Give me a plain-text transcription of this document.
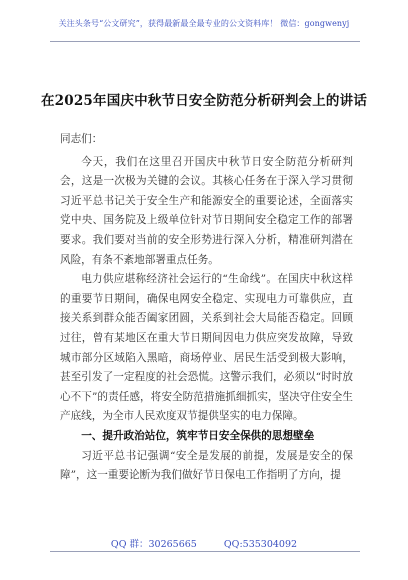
关注头条号“公文研究”，获得最新最全最专业的公文资料库！ 微信：gongwenyj
在2025年国庆中秋节日安全防范分析研判会上的讲话

同志们：

今天，我们在这里召开国庆中秋节日安全防范分析研判会，这是一次极为关键的会议。其核心任务在于深入学习贯彻习近平总书记关于安全生产和能源安全的重要论述，全面落实党中央、国务院及上级单位针对节日期间安全稳定工作的部署要求。我们要对当前的安全形势进行深入分析，精准研判潜在风险，有条不紊地部署重点任务。

电力供应堪称经济社会运行的“生命线”。在国庆中秋这样的重要节日期间，确保电网安全稳定、实现电力可靠供应，直接关系到群众能否阖家团圆，关系到社会大局能否稳定。回顾过往，曾有某地区在重大节日期间因电力供应突发故障，导致城市部分区域陷入黑暗，商场停业、居民生活受到极大影响，甚至引发了一定程度的社会恐慌。这警示我们，必须以“时时放心不下”的责任感，将安全防范措施抓细抓实，坚决守住安全生产底线，为全市人民欢度双节提供坚实的电力保障。

一、提升政治站位，筑牢节日安全保供的思想壁垒

习近平总书记强调“安全是发展的前提，发展是安全的保障”，这一重要论断为我们做好节日保电工作指明了方向，提

QQ 群：30265665	QQ:535304092
